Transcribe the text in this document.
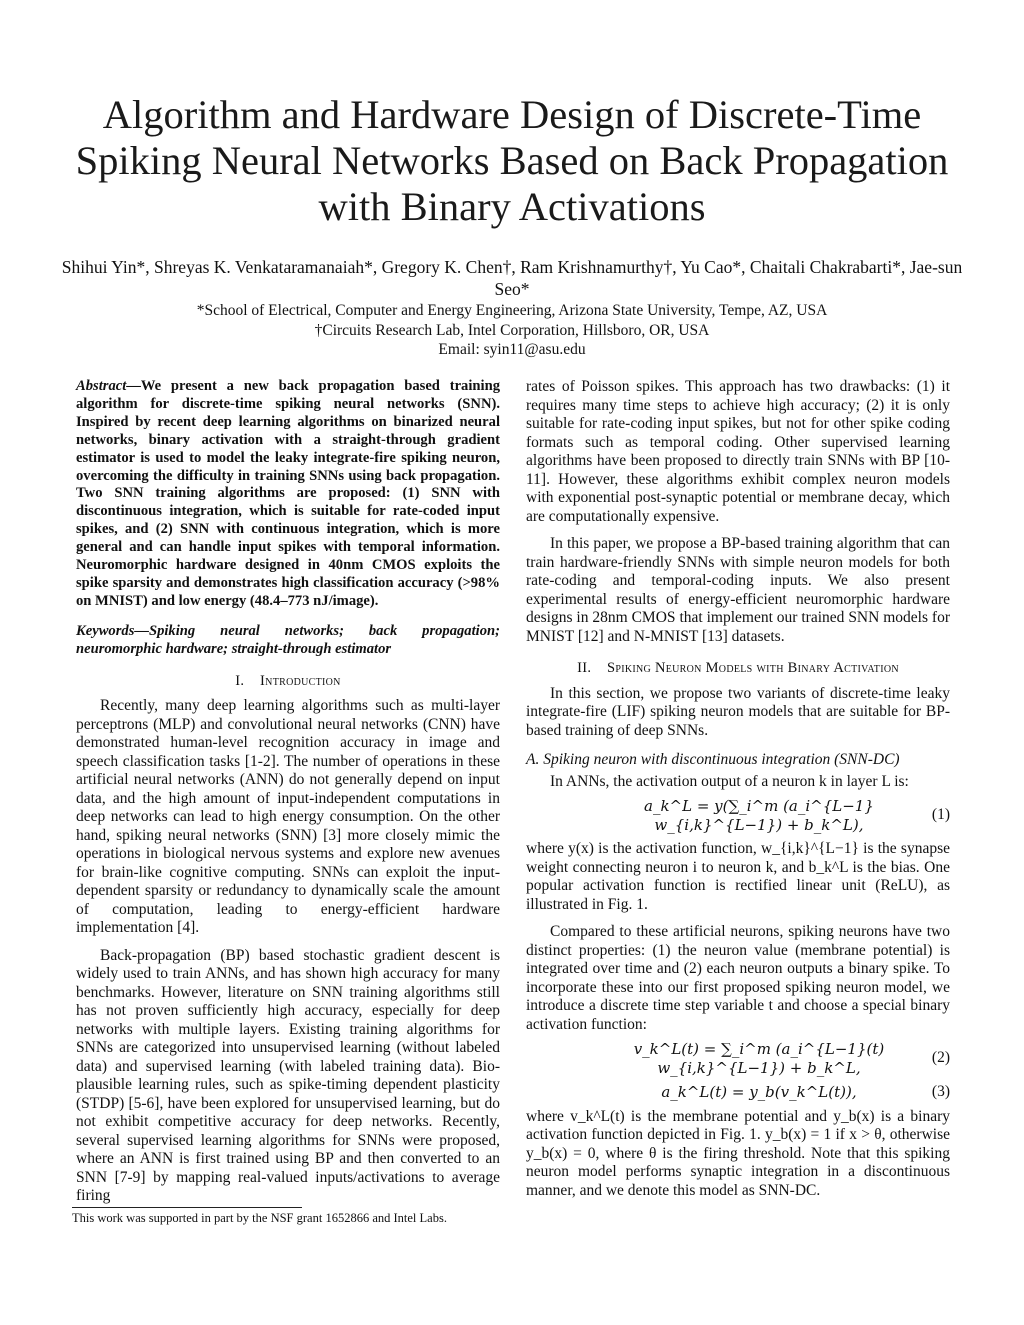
Algorithm and Hardware Design of Discrete-Time
Spiking Neural Networks Based on Back Propagation
with Binary Activations
Shihui Yin*, Shreyas K. Venkataramanaiah*, Gregory K. Chen†, Ram Krishnamurthy†, Yu Cao*, Chaitali Chakrabarti*, Jae-sun Seo*
*School of Electrical, Computer and Energy Engineering, Arizona State University, Tempe, AZ, USA
†Circuits Research Lab, Intel Corporation, Hillsboro, OR, USA
Email: syin11@asu.edu

Abstract—We present a new back propagation based training algorithm for discrete-time spiking neural networks (SNN). Inspired by recent deep learning algorithms on binarized neural networks, binary activation with a straight-through gradient estimator is used to model the leaky integrate-fire spiking neuron, overcoming the difficulty in training SNNs using back propagation. Two SNN training algorithms are proposed: (1) SNN with discontinuous integration, which is suitable for rate-coded input spikes, and (2) SNN with continuous integration, which is more general and can handle input spikes with temporal information. Neuromorphic hardware designed in 40nm CMOS exploits the spike sparsity and demonstrates high classification accuracy (>98% on MNIST) and low energy (48.4–773 nJ/image).

Keywords—Spiking neural networks; back propagation; neuromorphic hardware; straight-through estimator

I. Introduction

Recently, many deep learning algorithms such as multi-layer perceptrons (MLP) and convolutional neural networks (CNN) have demonstrated human-level recognition accuracy in image and speech classification tasks [1-2]. The number of operations in these artificial neural networks (ANN) do not generally depend on input data, and the high amount of input-independent computations in deep networks can lead to high energy consumption. On the other hand, spiking neural networks (SNN) [3] more closely mimic the operations in biological nervous systems and explore new avenues for brain-like cognitive computing. SNNs can exploit the input-dependent sparsity or redundancy to dynamically scale the amount of computation, leading to energy-efficient hardware implementation [4].

Back-propagation (BP) based stochastic gradient descent is widely used to train ANNs, and has shown high accuracy for many benchmarks. However, literature on SNN training algorithms still has not proven sufficiently high accuracy, especially for deep networks with multiple layers. Existing training algorithms for SNNs are categorized into unsupervised learning (without labeled data) and supervised learning (with labeled training data). Bio-plausible learning rules, such as spike-timing dependent plasticity (STDP) [5-6], have been explored for unsupervised learning, but do not exhibit competitive accuracy for deep networks. Recently, several supervised learning algorithms for SNNs were proposed, where an ANN is first trained using BP and then converted to an SNN [7-9] by mapping real-valued inputs/activations to average firing

rates of Poisson spikes. This approach has two drawbacks: (1) it requires many time steps to achieve high accuracy; (2) it is only suitable for rate-coding input spikes, but not for other spike coding formats such as temporal coding. Other supervised learning algorithms have been proposed to directly train SNNs with BP [10-11]. However, these algorithms exhibit complex neuron models with exponential post-synaptic potential or membrane decay, which are computationally expensive.

In this paper, we propose a BP-based training algorithm that can train hardware-friendly SNNs with simple neuron models for both rate-coding and temporal-coding inputs. We also present experimental results of energy-efficient neuromorphic hardware designs in 28nm CMOS that implement our trained SNN models for MNIST [12] and N-MNIST [13] datasets.

II. Spiking Neuron Models with Binary Activation

In this section, we propose two variants of discrete-time leaky integrate-fire (LIF) spiking neuron models that are suitable for BP-based training of deep SNNs.

A. Spiking neuron with discontinuous integration (SNN-DC)

In ANNs, the activation output of a neuron k in layer L is:

a_k^L = y(∑_i^m (a_i^{L−1} w_{i,k}^{L−1}) + b_k^L),
(1)

where y(x) is the activation function, w_{i,k}^{L−1} is the synapse weight connecting neuron i to neuron k, and b_k^L is the bias. One popular activation function is rectified linear unit (ReLU), as illustrated in Fig. 1.

Compared to these artificial neurons, spiking neurons have two distinct properties: (1) the neuron value (membrane potential) is integrated over time and (2) each neuron outputs a binary spike. To incorporate these into our first proposed spiking neuron model, we introduce a discrete time step variable t and choose a special binary activation function:

v_k^L(t) = ∑_i^m (a_i^{L−1}(t) w_{i,k}^{L−1}) + b_k^L,
(2)
a_k^L(t) = y_b(v_k^L(t)),	(3)

where v_k^L(t) is the membrane potential and y_b(x) is a binary activation function depicted in Fig. 1. y_b(x) = 1 if x > θ, otherwise y_b(x) = 0, where θ is the firing threshold. Note that this spiking neuron model performs synaptic integration in a discontinuous manner, and we denote this model as SNN-DC.

This work was supported in part by the NSF grant 1652866 and Intel Labs.
